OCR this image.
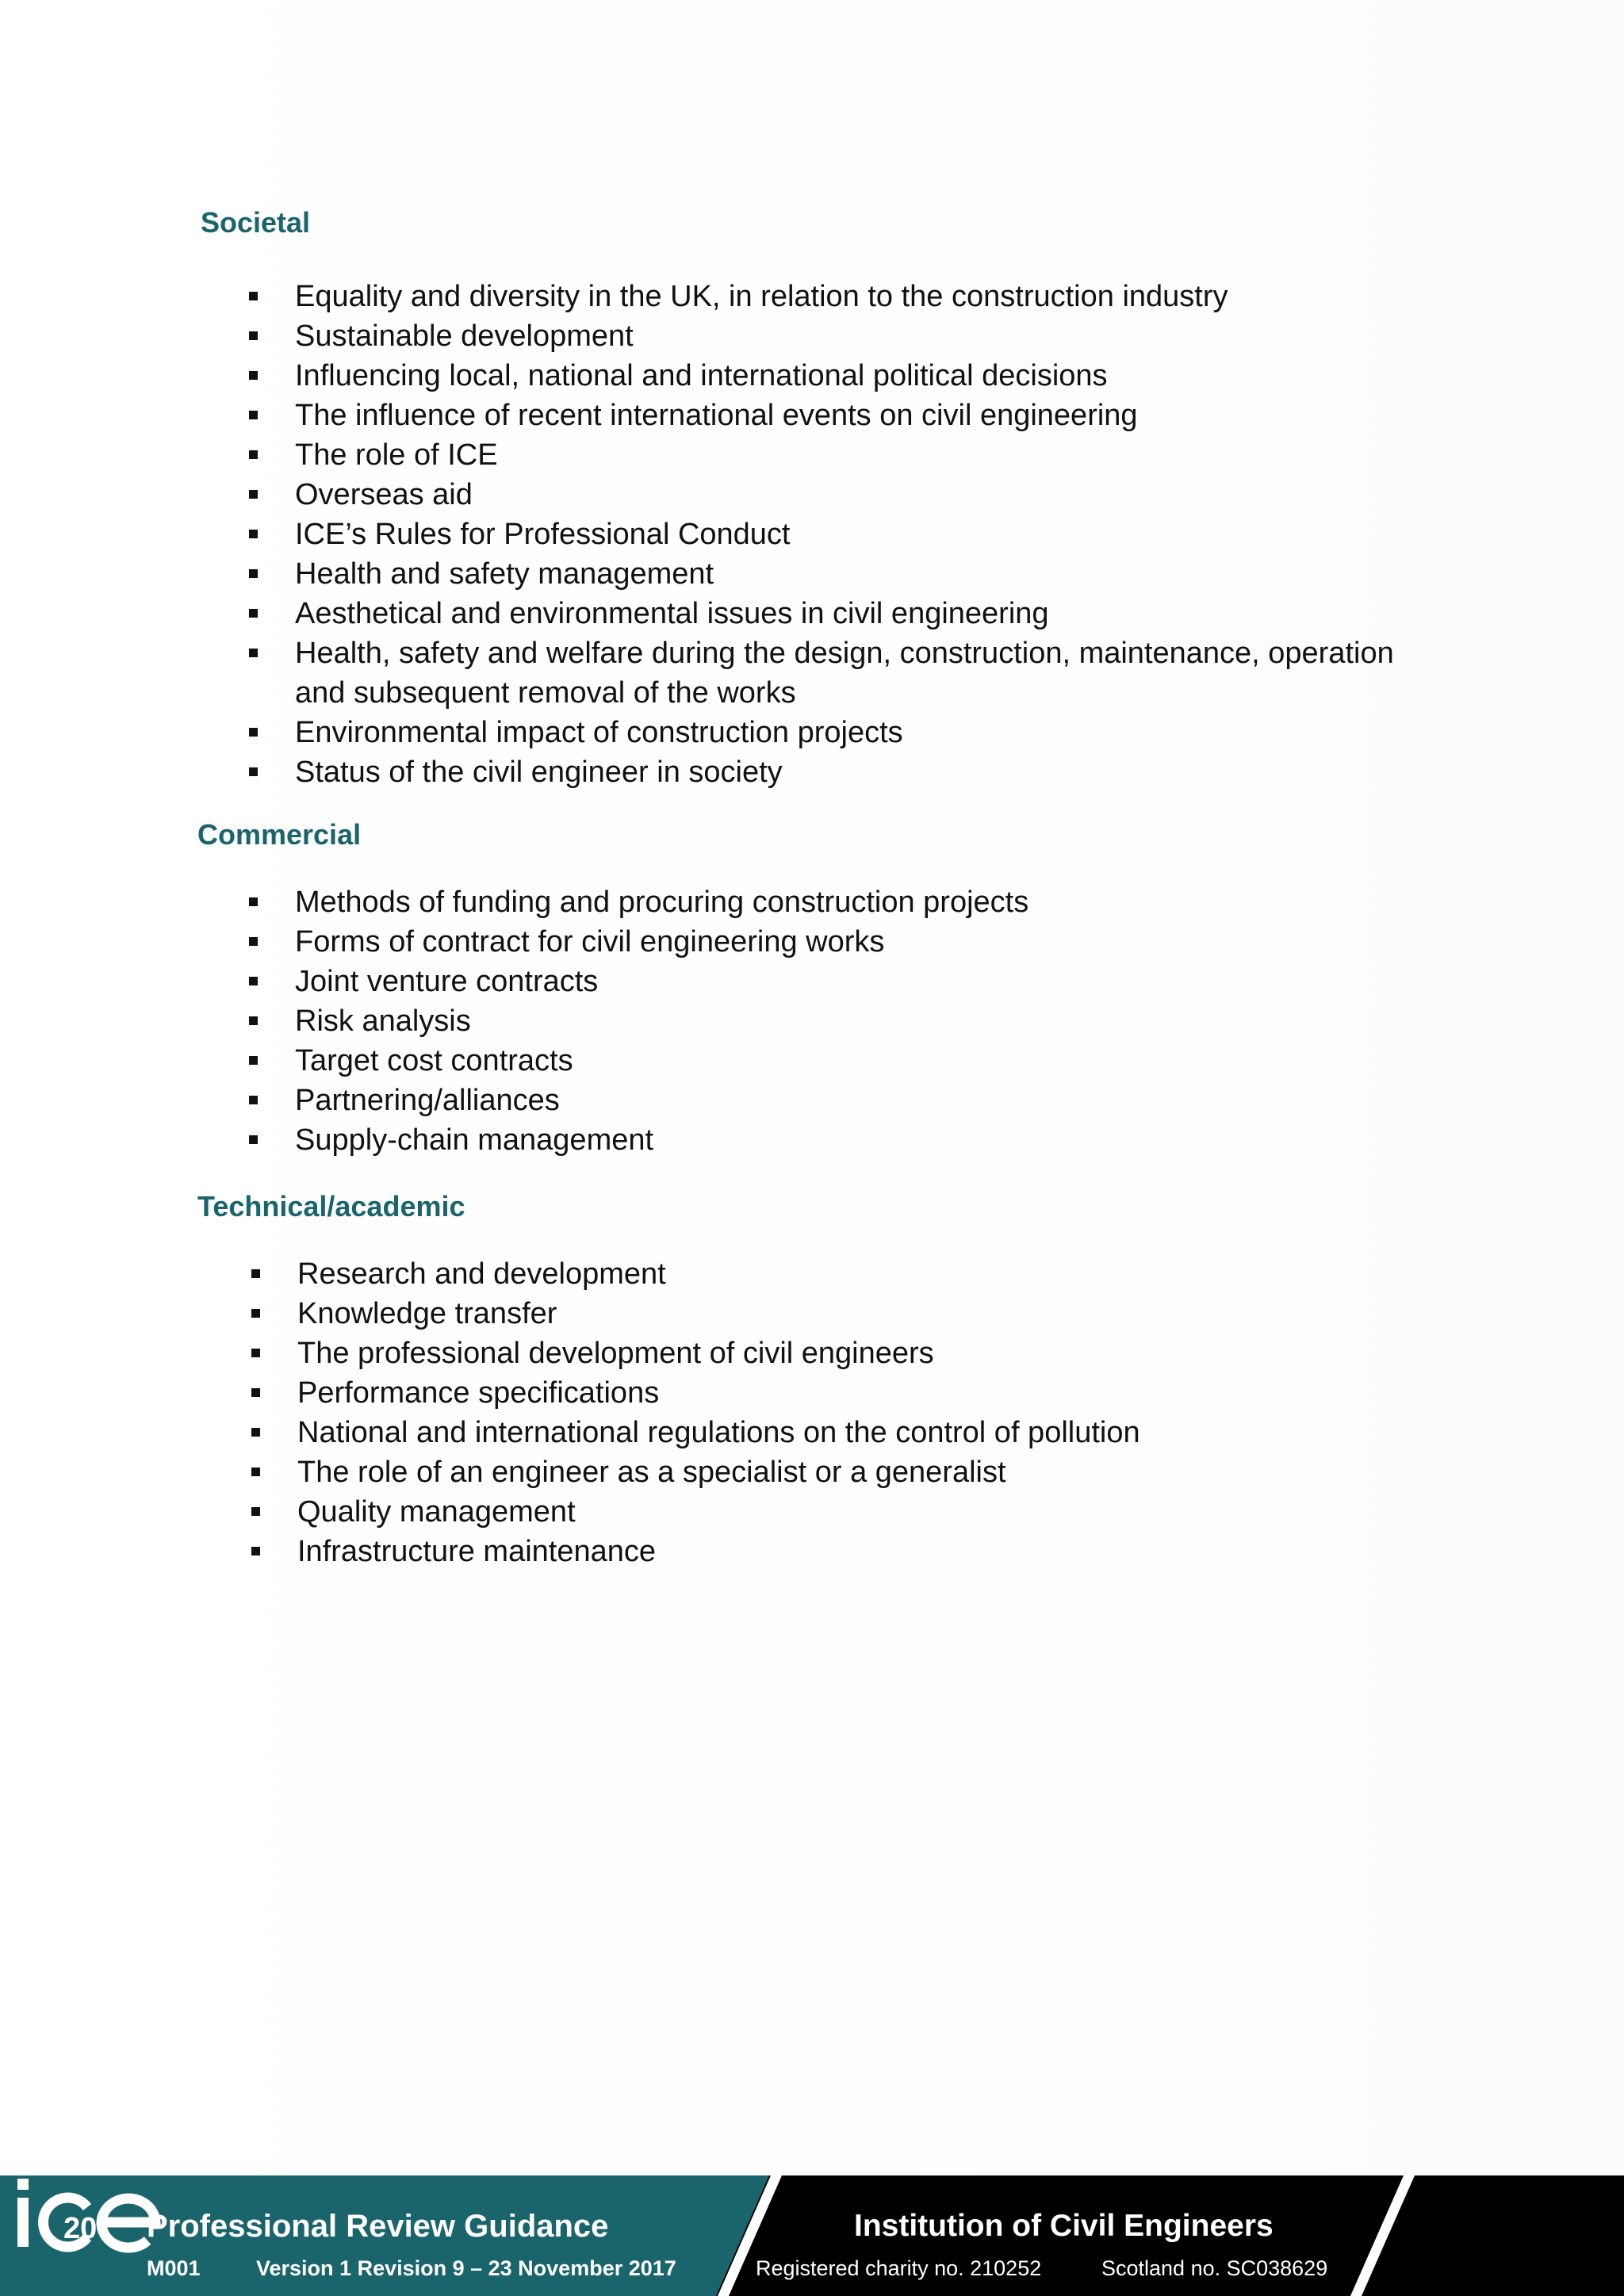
Societal
Equality and diversity in the UK, in relation to the construction industry
Sustainable development
Influencing local, national and international political decisions
The influence of recent international events on civil engineering
The role of ICE
Overseas aid
ICE’s Rules for Professional Conduct
Health and safety management
Aesthetical and environmental issues in civil engineering
Health, safety and welfare during the design, construction, maintenance, operation
and subsequent removal of the works
Environmental impact of construction projects
Status of the civil engineer in society
Commercial
Methods of funding and procuring construction projects
Forms of contract for civil engineering works
Joint venture contracts
Risk analysis
Target cost contracts
Partnering/alliances
Supply-chain management
Technical/academic
Research and development
Knowledge transfer
The professional development of civil engineers
Performance specifications
National and international regulations on the control of pollution
The role of an engineer as a specialist or a generalist
Quality management
Infrastructure maintenance
20 Professional Review Guidance
M001	Version 1 Revision 9 – 23 November 2017
Institution of Civil Engineers
Registered charity no. 210252	Scotland no. SC038629
